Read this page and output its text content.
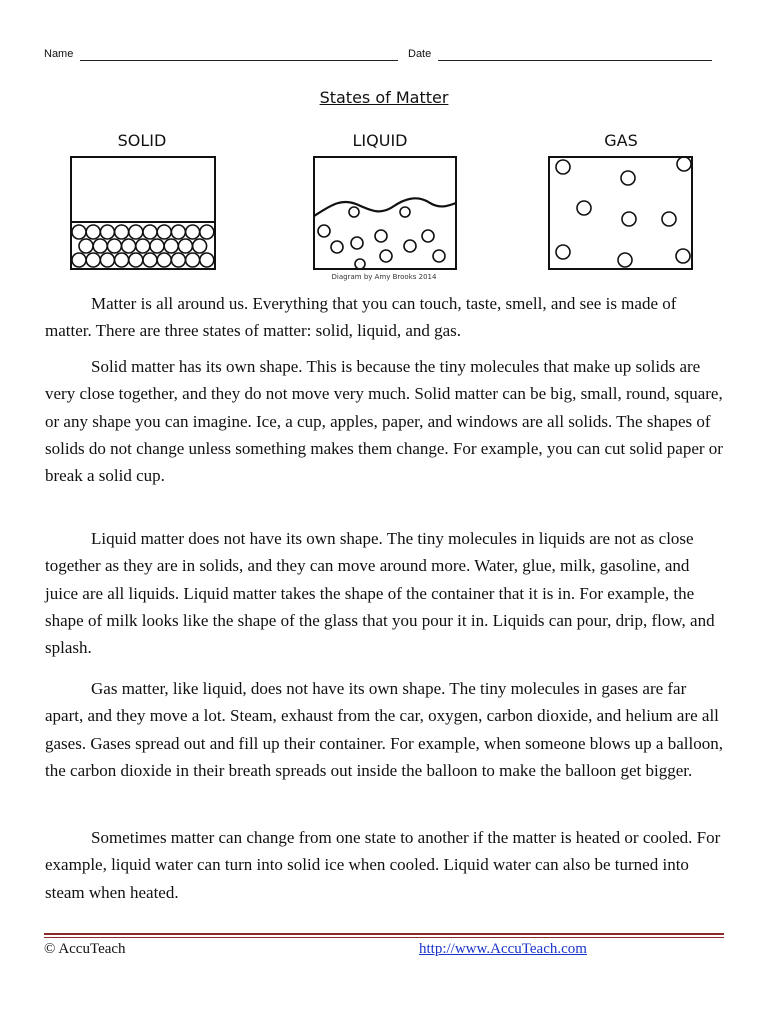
Name	Date
States of Matter
SOLID	LIQUID	GAS
Diagram by Amy Brooks 2014

Matter is all around us. Everything that you can touch, taste, smell, and see is made of matter. There are three states of matter: solid, liquid, and gas.

Solid matter has its own shape. This is because the tiny molecules that make up solids are very close together, and they do not move very much. Solid matter can be big, small, round, square, or any shape you can imagine. Ice, a cup, apples, paper, and windows are all solids. The shapes of solids do not change unless something makes them change. For example, you can cut solid paper or break a solid cup.

Liquid matter does not have its own shape. The tiny molecules in liquids are not as close together as they are in solids, and they can move around more. Water, glue, milk, gasoline, and juice are all liquids. Liquid matter takes the shape of the container that it is in. For example, the shape of milk looks like the shape of the glass that you pour it in. Liquids can pour, drip, flow, and splash.

Gas matter, like liquid, does not have its own shape. The tiny molecules in gases are far apart, and they move a lot. Steam, exhaust from the car, oxygen, carbon dioxide, and helium are all gases. Gases spread out and fill up their container. For example, when someone blows up a balloon, the carbon dioxide in their breath spreads out inside the balloon to make the balloon get bigger.

Sometimes matter can change from one state to another if the matter is heated or cooled. For example, liquid water can turn into solid ice when cooled. Liquid water can also be turned into steam when heated.

© AccuTeach	http://www.AccuTeach.com
